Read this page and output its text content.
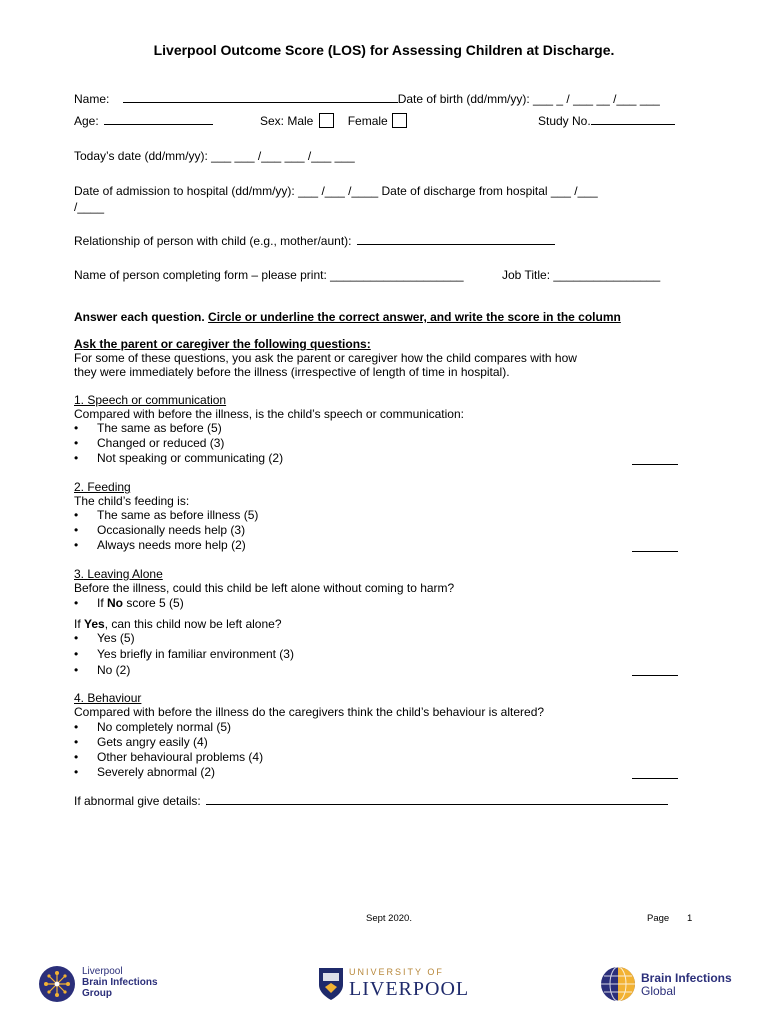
Liverpool Outcome Score (LOS) for Assessing Children at Discharge.
Name:	Date of birth (dd/mm/yy): ___ _ / ___ __ /___ ___
Age:	Sex: Male	Female	Study No.
Today’s date (dd/mm/yy): ___ ___ /___ ___ /___ ___
Date of admission to hospital (dd/mm/yy): ___ /___ /____ Date of discharge from hospital ___ /___
/____
Relationship of person with child (e.g., mother/aunt):
Name of person completing form – please print: ____________________	Job Title: ________________
Answer each question. Circle or underline the correct answer, and write the score in the column
Ask the parent or caregiver the following questions:
For some of these questions, you ask the parent or caregiver how the child compares with how
they were immediately before the illness (irrespective of length of time in hospital).
1. Speech or communication
Compared with before the illness, is the child’s speech or communication:
• The same as before (5)
• Changed or reduced (3)
• Not speaking or communicating (2)
2. Feeding
The child’s feeding is:
• The same as before illness (5)
• Occasionally needs help (3)
• Always needs more help (2)
3. Leaving Alone
Before the illness, could this child be left alone without coming to harm?
• If No score 5 (5)
If Yes, can this child now be left alone?
• Yes (5)
• Yes briefly in familiar environment (3)
• No (2)
4. Behaviour
Compared with before the illness do the caregivers think the child’s behaviour is altered?
• No completely normal (5)
• Gets angry easily (4)
• Other behavioural problems (4)
• Severely abnormal (2)
If abnormal give details:
Sept 2020.	Page 1
Liverpool
Brain Infections
Group
UNIVERSITY OF
LIVERPOOL	Brain Infections
Global
